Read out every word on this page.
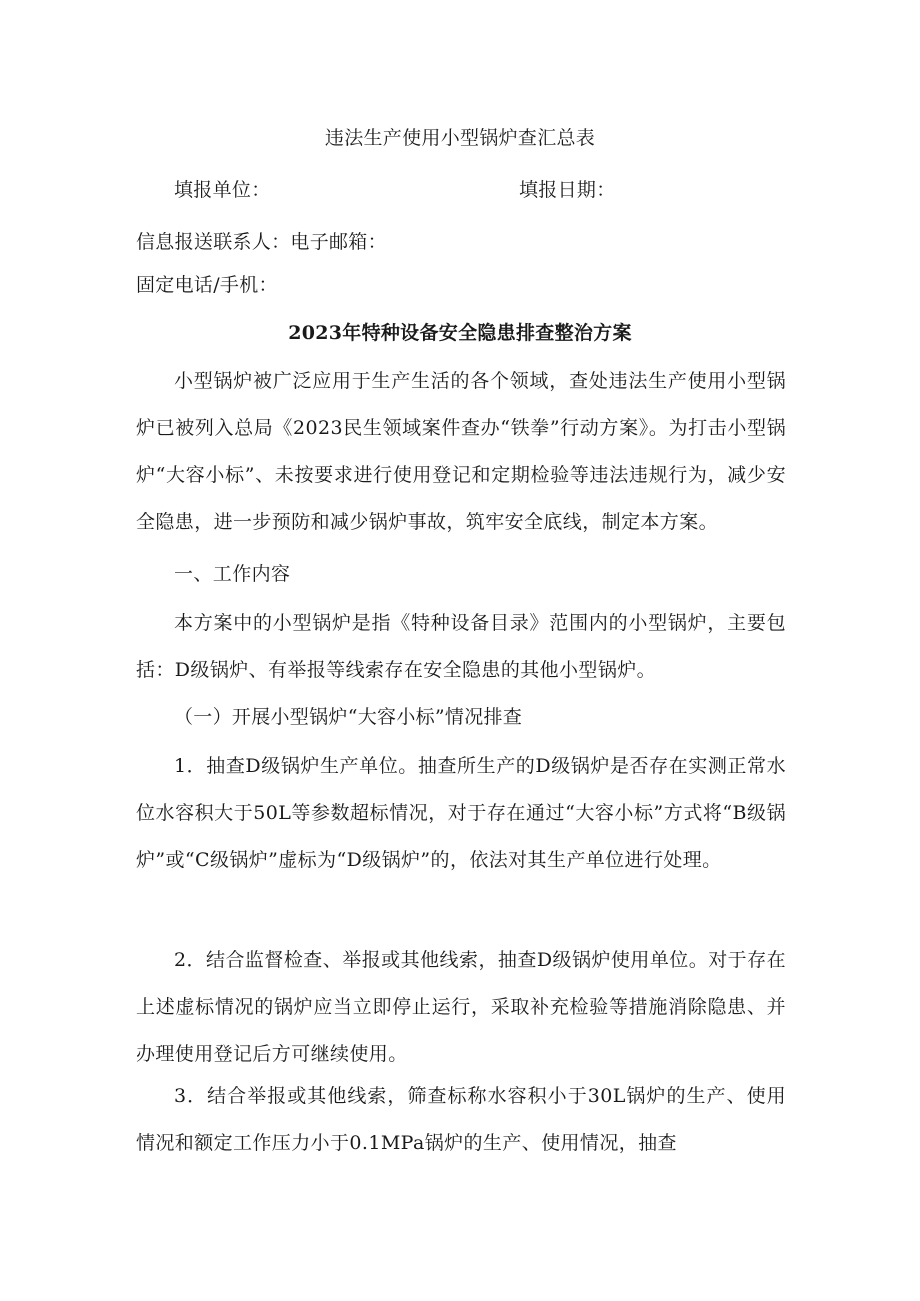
违法生产使用小型锅炉查汇总表
填报单位：	填报日期：
信息报送联系人：电子邮箱：
固定电话/手机：
2023年特种设备安全隐患排查整治方案
小型锅炉被广泛应用于生产生活的各个领域，查处违法生产使用小型锅炉已被列入总局《2023民生领域案件查办“铁拳”行动方案》。为打击小型锅炉“大容小标”、未按要求进行使用登记和定期检验等违法违规行为，减少安全隐患，进一步预防和减少锅炉事故，筑牢安全底线，制定本方案。
一、工作内容
本方案中的小型锅炉是指《特种设备目录》范围内的小型锅炉，主要包括：D级锅炉、有举报等线索存在安全隐患的其他小型锅炉。
（一）开展小型锅炉“大容小标”情况排查
1．抽查D级锅炉生产单位。抽查所生产的D级锅炉是否存在实测正常水位水容积大于50L等参数超标情况，对于存在通过“大容小标”方式将“B级锅炉”或“C级锅炉”虚标为“D级锅炉”的，依法对其生产单位进行处理。
2．结合监督检查、举报或其他线索，抽查D级锅炉使用单位。对于存在上述虚标情况的锅炉应当立即停止运行，采取补充检验等措施消除隐患、并办理使用登记后方可继续使用。
3．结合举报或其他线索，筛查标称水容积小于30L锅炉的生产、使用情况和额定工作压力小于0.1MPa锅炉的生产、使用情况，抽查
